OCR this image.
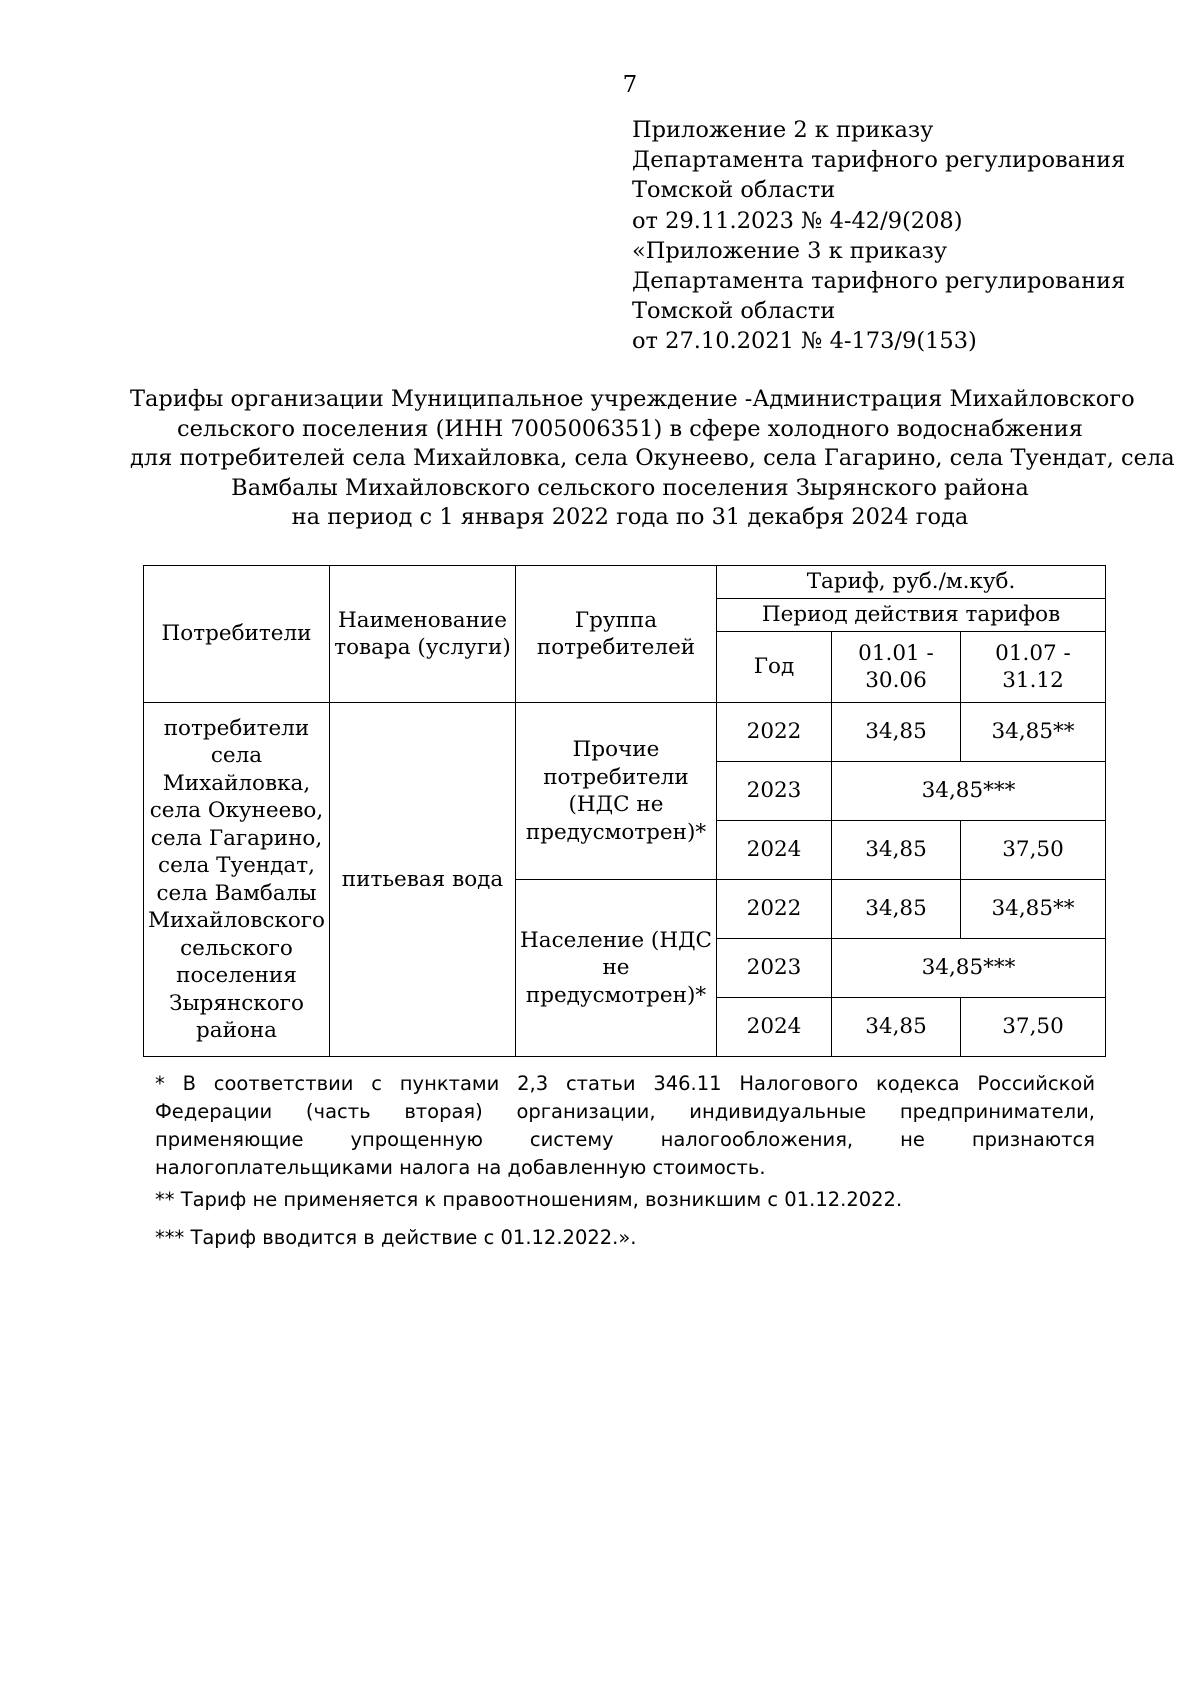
7
Приложение 2 к приказу
Департамента тарифного регулирования
Томской области
от 29.11.2023 № 4-42/9(208)
«Приложение 3 к приказу
Департамента тарифного регулирования
Томской области
от 27.10.2021 № 4-173/9(153)
Тарифы организации Муниципальное учреждение -Администрация Михайловского
сельского поселения (ИНН 7005006351) в сфере холодного водоснабжения
для потребителей села Михайловка, села Окунеево, села Гагарино, села Туендат, села
Вамбалы Михайловского сельского поселения Зырянского района
на период с 1 января 2022 года по 31 декабря 2024 года
Потребители	Наименование товара (услуги)	Группа потребителей	Тариф, руб./м.куб.		
			Период действия тарифов		
			Год	01.01 - 30.06	01.07 - 31.12
потребители села Михайловка, села Окунеево, села Гагарино, села Туендат, села Вамбалы Михайловского сельского поселения Зырянского района	питьевая вода	Прочие потребители (НДС не предусмотрен)*	2022	34,85	34,85**
			2023	34,85***	
			2024	34,85	37,50
		Население (НДС не предусмотрен)*	2022	34,85	34,85**
			2023	34,85***	
			2024	34,85	37,50

* В соответствии с пунктами 2,3 статьи 346.11 Налогового кодекса Российской Федерации (часть вторая) организации, индивидуальные предприниматели, применяющие упрощенную систему налогообложения, не признаются налогоплательщиками налога на добавленную стоимость.

** Тариф не применяется к правоотношениям, возникшим с 01.12.2022.
*** Тариф вводится в действие с 01.12.2022.».
